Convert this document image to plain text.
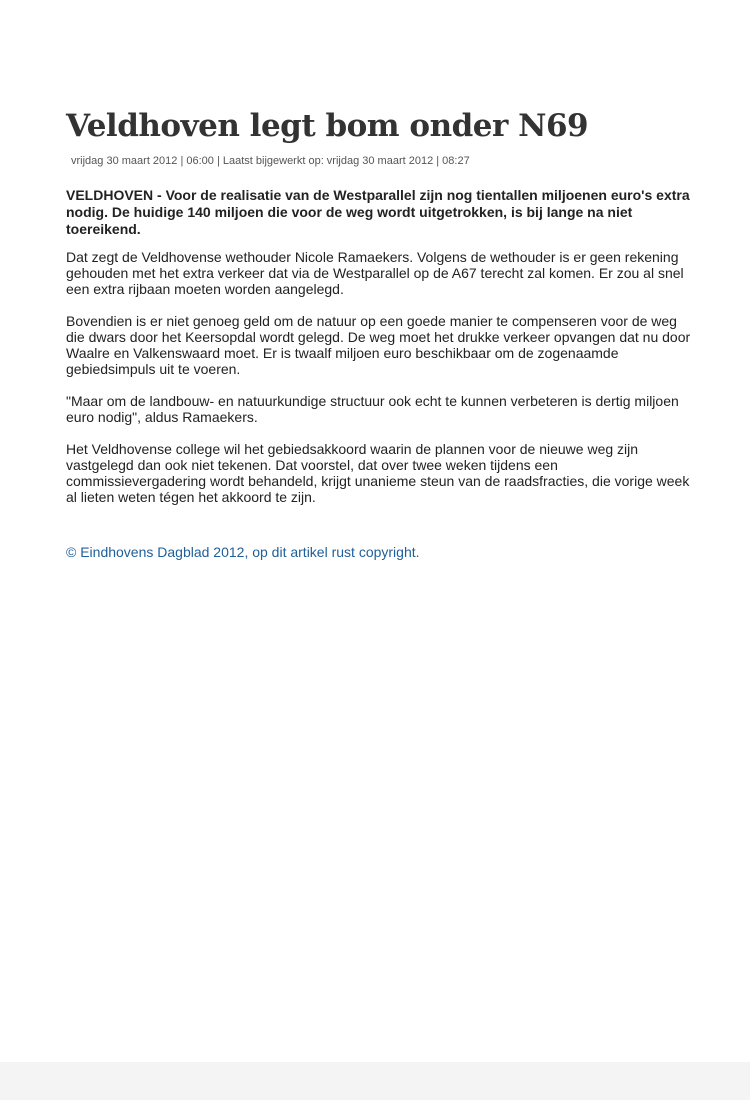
Veldhoven legt bom onder N69
vrijdag 30 maart 2012 | 06:00 | Laatst bijgewerkt op: vrijdag 30 maart 2012 | 08:27

VELDHOVEN - Voor de realisatie van de Westparallel zijn nog tientallen miljoenen euro's extra nodig. De huidige 140 miljoen die voor de weg wordt uitgetrokken, is bij lange na niet toereikend.

Dat zegt de Veldhovense wethouder Nicole Ramaekers. Volgens de wethouder is er geen rekening gehouden met het extra verkeer dat via de Westparallel op de A67 terecht zal komen. Er zou al snel een extra rijbaan moeten worden aangelegd.

Bovendien is er niet genoeg geld om de natuur op een goede manier te compenseren voor de weg die dwars door het Keersopdal wordt gelegd. De weg moet het drukke verkeer opvangen dat nu door Waalre en Valkenswaard moet. Er is twaalf miljoen euro beschikbaar om de zogenaamde gebiedsimpuls uit te voeren.

"Maar om de landbouw- en natuurkundige structuur ook echt te kunnen verbeteren is dertig miljoen euro nodig", aldus Ramaekers.

Het Veldhovense college wil het gebiedsakkoord waarin de plannen voor de nieuwe weg zijn vastgelegd dan ook niet tekenen. Dat voorstel, dat over twee weken tijdens een commissievergadering wordt behandeld, krijgt unanieme steun van de raadsfracties, die vorige week al lieten weten tégen het akkoord te zijn.

© Eindhovens Dagblad 2012, op dit artikel rust copyright.
